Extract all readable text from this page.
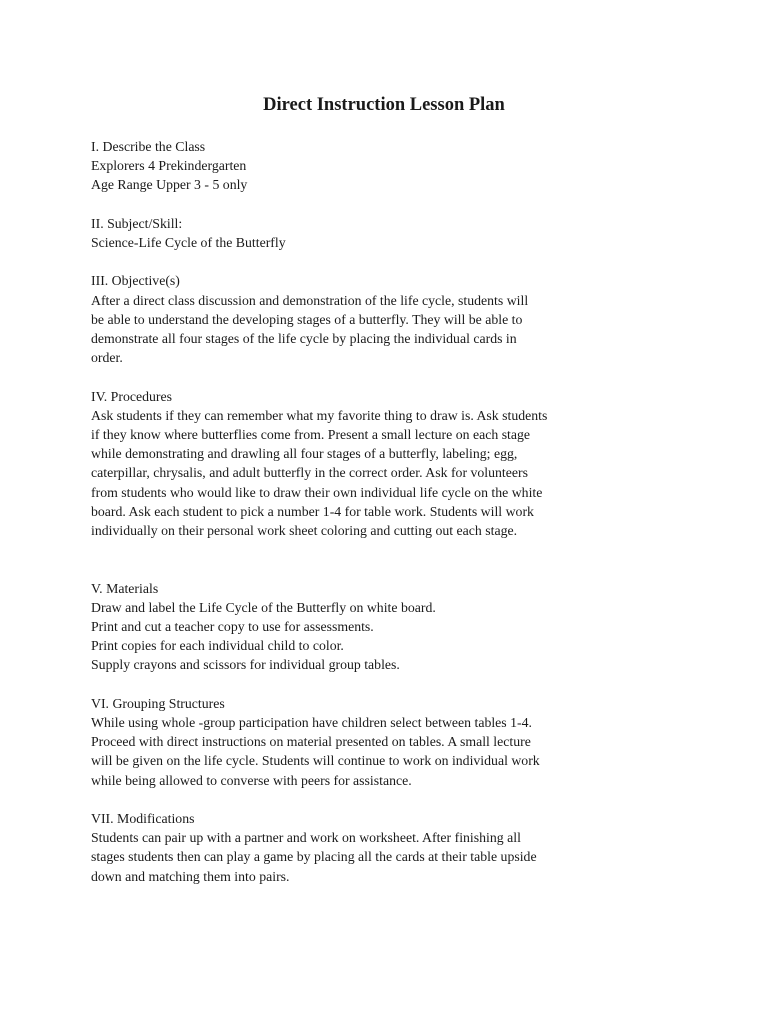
Direct Instruction Lesson Plan

I. Describe the Class

Explorers 4 Prekindergarten

Age Range Upper 3 - 5 only

II. Subject/Skill:

Science-Life Cycle of the Butterfly

III. Objective(s)

After a direct class discussion and demonstration of the life cycle, students will

be able to understand the developing stages of a butterfly. They will be able to

demonstrate all four stages of the life cycle by placing the individual cards in

order.

IV. Procedures

Ask students if they can remember what my favorite thing to draw is. Ask students

if they know where butterflies come from. Present a small lecture on each stage

while demonstrating and drawling all four stages of a butterfly, labeling; egg,

caterpillar, chrysalis, and adult butterfly in the correct order. Ask for volunteers

from students who would like to draw their own individual life cycle on the white

board. Ask each student to pick a number 1-4 for table work. Students will work

individually on their personal work sheet coloring and cutting out each stage.

V. Materials

Draw and label the Life Cycle of the Butterfly on white board.

Print and cut a teacher copy to use for assessments.

Print copies for each individual child to color.

Supply crayons and scissors for individual group tables.

VI. Grouping Structures

While using whole -group participation have children select between tables 1-4.

Proceed with direct instructions on material presented on tables. A small lecture

will be given on the life cycle. Students will continue to work on individual work

while being allowed to converse with peers for assistance.

VII. Modifications

Students can pair up with a partner and work on worksheet. After finishing all

stages students then can play a game by placing all the cards at their table upside

down and matching them into pairs.
